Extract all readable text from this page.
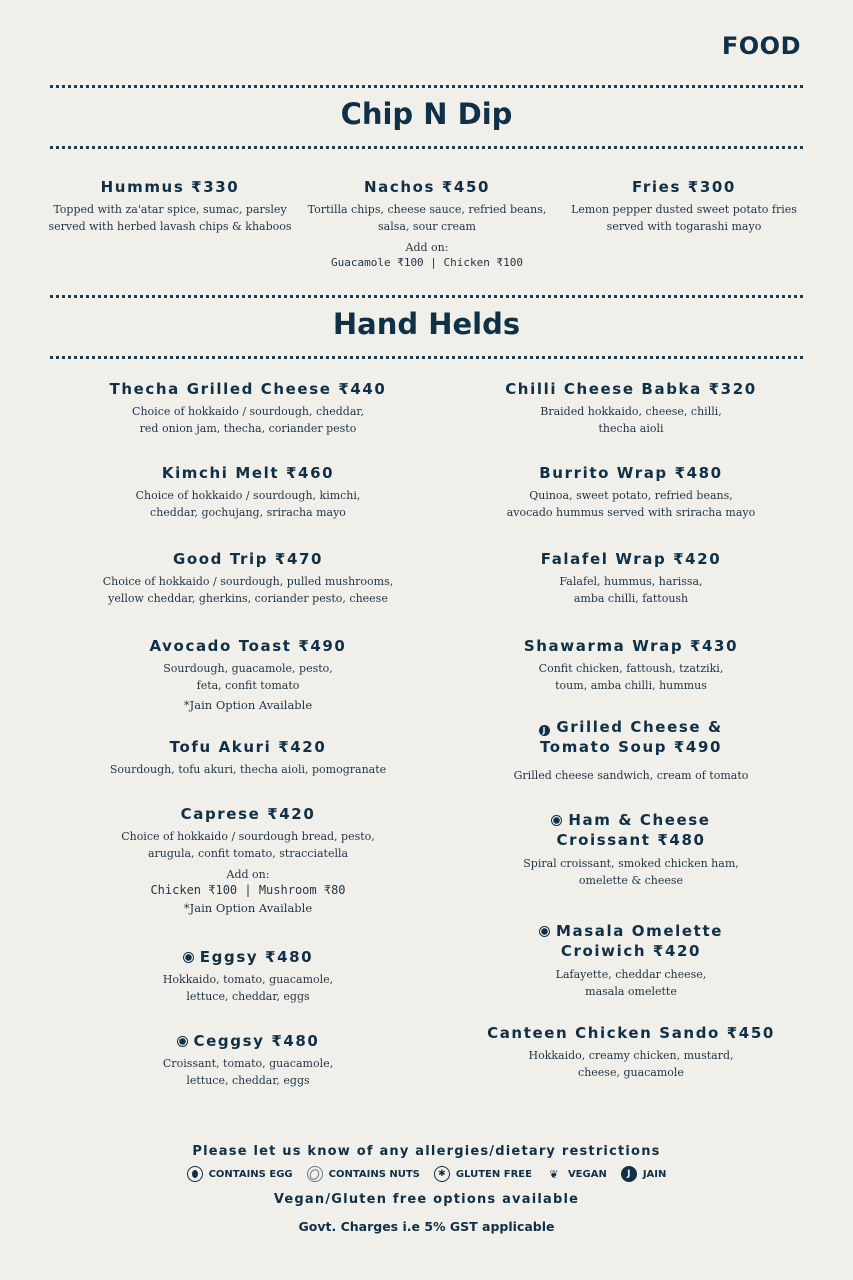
FOOD
Chip N Dip
Hummus ₹330
Topped with za'atar spice, sumac, parsley
served with herbed lavash chips & khaboos
Nachos ₹450
Tortilla chips, cheese sauce, refried beans,
salsa, sour cream
Add on:
Guacamole ₹100 | Chicken ₹100
Fries ₹300
Lemon pepper dusted sweet potato fries
served with togarashi mayo
Hand Helds
Thecha Grilled Cheese ₹440
Choice of hokkaido / sourdough, cheddar,
red onion jam, thecha, coriander pesto
Kimchi Melt ₹460
Choice of hokkaido / sourdough, kimchi,
cheddar, gochujang, sriracha mayo
Good Trip ₹470
Choice of hokkaido / sourdough, pulled mushrooms,
yellow cheddar, gherkins, coriander pesto, cheese
Avocado Toast ₹490
Sourdough, guacamole, pesto,
feta, confit tomato
*Jain Option Available
Tofu Akuri ₹420
Sourdough, tofu akuri, thecha aioli, pomogranate
Caprese ₹420
Choice of hokkaido / sourdough bread, pesto,
arugula, confit tomato, stracciatella
Add on:
Chicken ₹100 | Mushroom ₹80
*Jain Option Available
Eggsy ₹480
Hokkaido, tomato, guacamole,
lettuce, cheddar, eggs
Ceggsy ₹480
Croissant, tomato, guacamole,
lettuce, cheddar, eggs
Chilli Cheese Babka ₹320
Braided hokkaido, cheese, chilli,
thecha aioli
Burrito Wrap ₹480
Quinoa, sweet potato, refried beans,
avocado hummus served with sriracha mayo
Falafel Wrap ₹420
Falafel, hummus, harissa,
amba chilli, fattoush
Shawarma Wrap ₹430
Confit chicken, fattoush, tzatziki,
toum, amba chilli, hummus
J Grilled Cheese &
Tomato Soup ₹490
Grilled cheese sandwich, cream of tomato
Ham & Cheese
Croissant ₹480
Spiral croissant, smoked chicken ham,
omelette & cheese
Masala Omelette
Croiwich ₹420
Lafayette, cheddar cheese,
masala omelette
Canteen Chicken Sando ₹450
Hokkaido, creamy chicken, mustard,
cheese, guacamole
Please let us know of any allergies/dietary restrictions
CONTAINS EGG	CONTAINS NUTS	✱	GLUTEN FREE	❦ VEGAN	J	JAIN
Vegan/Gluten free options available
Govt. Charges i.e 5% GST applicable
